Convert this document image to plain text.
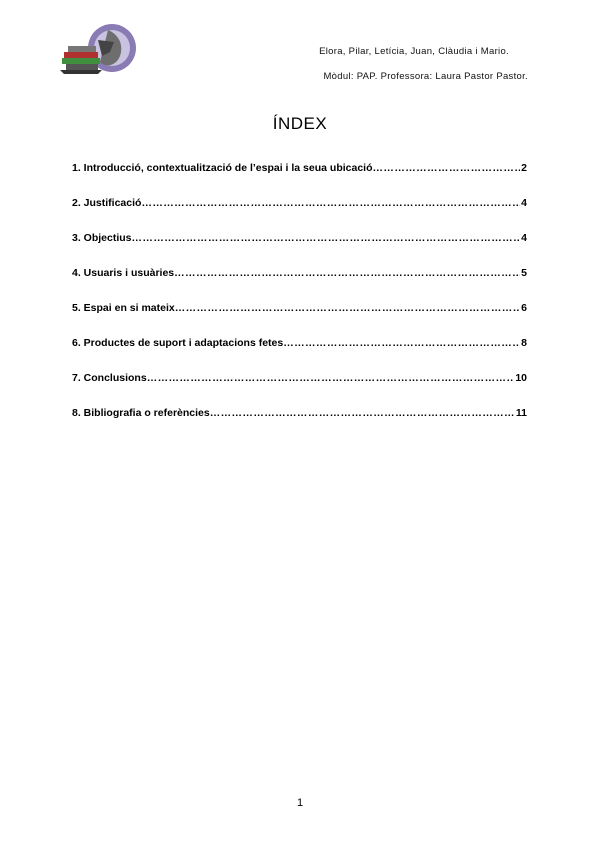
Elora, Pilar, Letícia, Juan, Clàudia i Mario.
Mòdul: PAP. Professora: Laura Pastor Pastor.
ÍNDEX
1. Introducció, contextualització de l’espai i la seua ubicació …………………………………………………………………………………………………………………………………………………………	2
2. Justificació …………………………………………………………………………………………………………………………………………………………	4
3. Objectius …………………………………………………………………………………………………………………………………………………………	4
4. Usuaris i usuàries …………………………………………………………………………………………………………………………………………………………	5
5. Espai en si mateix …………………………………………………………………………………………………………………………………………………………	6
6. Productes de suport i adaptacions fetes …………………………………………………………………………………………………………………………………………………………	8
7. Conclusions …………………………………………………………………………………………………………………………………………………………	10
8. Bibliografia o referències …………………………………………………………………………………………………………………………………………………………	11
1
